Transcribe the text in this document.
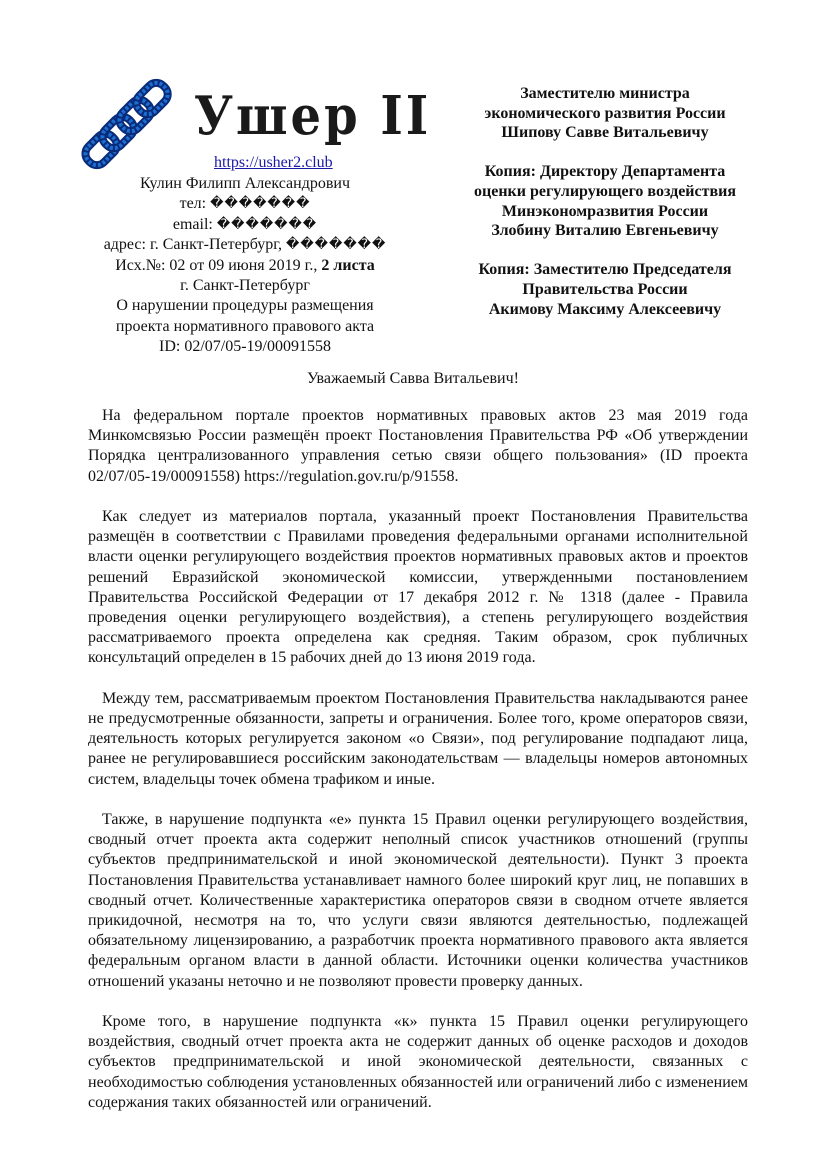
Ушер II
https://usher2.club
Кулин Филипп Александрович
тел: �������
email: �������
адрес: г. Санкт-Петербург, �������
Исх.№: 02 от 09 июня 2019 г., 2 листа
г. Санкт-Петербург
О нарушении процедуры размещения
проекта нормативного правового акта
ID: 02/07/05-19/00091558
Заместителю министра
экономического развития России
Шипову Савве Витальевичу
Копия: Директору Департамента
оценки регулирующего воздействия
Минэкономразвития России
Злобину Виталию Евгеньевичу
Копия: Заместителю Председателя
Правительства России
Акимову Максиму Алексеевичу
Уважаемый Савва Витальевич!

На федеральном портале проектов нормативных правовых актов 23 мая 2019 года Минкомсвязью России размещён проект Постановления Правительства РФ «Об утверждении Порядка централизованного управления сетью связи общего пользования» (ID проекта 02/07/05-19/00091558) https://regulation.gov.ru/p/91558.

Как следует из материалов портала, указанный проект Постановления Правительства размещён в соответствии с Правилами проведения федеральными органами исполнительной власти оценки регулирующего воздействия проектов нормативных правовых актов и проектов решений Евразийской экономической комиссии, утвержденными постановлением Правительства Российской Федерации от 17 декабря 2012 г. № 1318 (далее - Правила проведения оценки регулирующего воздействия), а степень регулирующего воздействия рассматриваемого проекта определена как средняя. Таким образом, срок публичных консультаций определен в 15 рабочих дней до 13 июня 2019 года.

Между тем, рассматриваемым проектом Постановления Правительства накладываются ранее не предусмотренные обязанности, запреты и ограничения. Более того, кроме операторов связи, деятельность которых регулируется законом «о Связи», под регулирование подпадают лица, ранее не регулировавшиеся российским законодательствам — владельцы номеров автономных систем, владельцы точек обмена трафиком и иные.

Также, в нарушение подпункта «е» пункта 15 Правил оценки регулирующего воздействия, сводный отчет проекта акта содержит неполный список участников отношений (группы субъектов предпринимательской и иной экономической деятельности). Пункт 3 проекта Постановления Правительства устанавливает намного более широкий круг лиц, не попавших в сводный отчет. Количественные характеристика операторов связи в сводном отчете является прикидочной, несмотря на то, что услуги связи являются деятельностью, подлежащей обязательному лицензированию, а разработчик проекта нормативного правового акта является федеральным органом власти в данной области. Источники оценки количества участников отношений указаны неточно и не позволяют провести проверку данных.

Кроме того, в нарушение подпункта «к» пункта 15 Правил оценки регулирующего воздействия, сводный отчет проекта акта не содержит данных об оценке расходов и доходов субъектов предпринимательской и иной экономической деятельности, связанных с необходимостью соблюдения установленных обязанностей или ограничений либо с изменением содержания таких обязанностей или ограничений.
